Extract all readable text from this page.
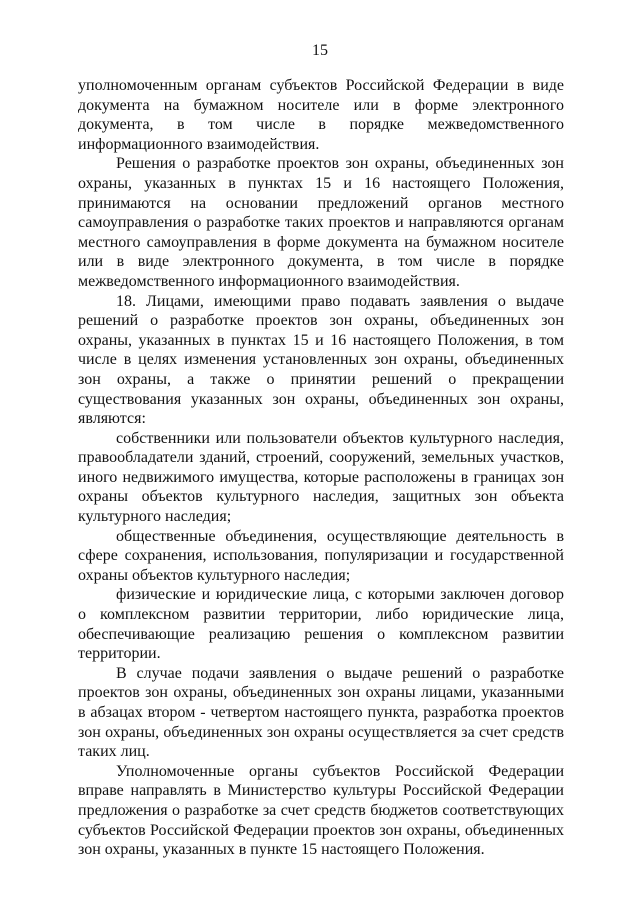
15

уполномоченным органам субъектов Российской Федерации в виде документа на бумажном носителе или в форме электронного документа, в том числе в порядке межведомственного информационного взаимодействия.

Решения о разработке проектов зон охраны, объединенных зон охраны, указанных в пунктах 15 и 16 настоящего Положения, принимаются на основании предложений органов местного самоуправления о разработке таких проектов и направляются органам местного самоуправления в форме документа на бумажном носителе или в виде электронного документа, в том числе в порядке межведомственного информационного взаимодействия.

18. Лицами, имеющими право подавать заявления о выдаче решений о разработке проектов зон охраны, объединенных зон охраны, указанных в пунктах 15 и 16 настоящего Положения, в том числе в целях изменения установленных зон охраны, объединенных зон охраны, а также о принятии решений о прекращении существования указанных зон охраны, объединенных зон охраны, являются:

собственники или пользователи объектов культурного наследия, правообладатели зданий, строений, сооружений, земельных участков, иного недвижимого имущества, которые расположены в границах зон охраны объектов культурного наследия, защитных зон объекта культурного наследия;

общественные объединения, осуществляющие деятельность в сфере сохранения, использования, популяризации и государственной охраны объектов культурного наследия;

физические и юридические лица, с которыми заключен договор о комплексном развитии территории, либо юридические лица, обеспечивающие реализацию решения о комплексном развитии территории.

В случае подачи заявления о выдаче решений о разработке проектов зон охраны, объединенных зон охраны лицами, указанными в абзацах втором - четвертом настоящего пункта, разработка проектов зон охраны, объединенных зон охраны осуществляется за счет средств таких лиц.

Уполномоченные органы субъектов Российской Федерации вправе направлять в Министерство культуры Российской Федерации предложения о разработке за счет средств бюджетов соответствующих субъектов Российской Федерации проектов зон охраны, объединенных зон охраны, указанных в пункте 15 настоящего Положения.
